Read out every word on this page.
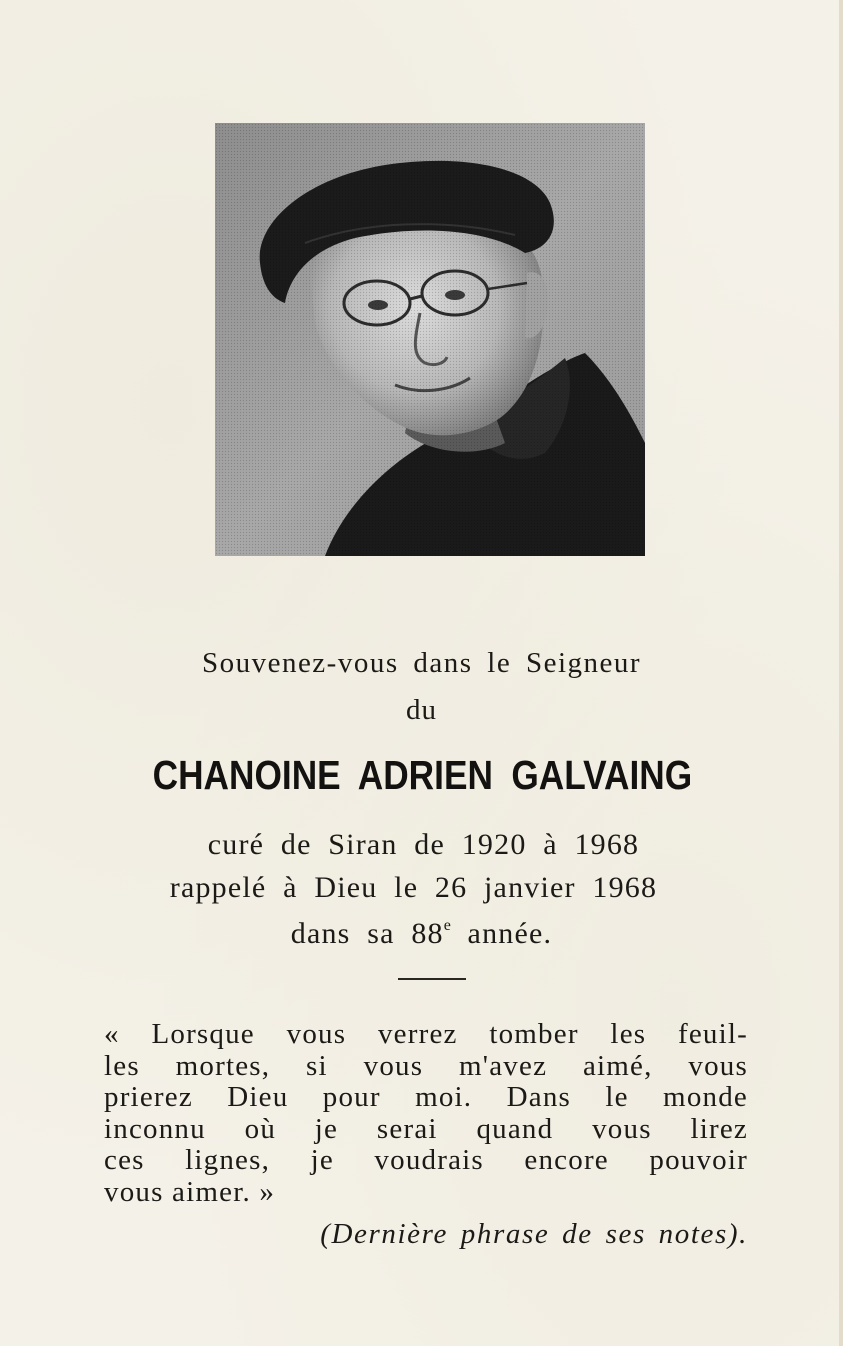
Souvenez-vous dans le Seigneur
du
CHANOINE ADRIEN GALVAING
curé de Siran de 1920 à 1968
rappelé à Dieu le 26 janvier 1968
dans sa 88e année.
« Lorsque vous verrez tomber les feuil-
les mortes, si vous m'avez aimé, vous
prierez Dieu pour moi. Dans le monde
inconnu où je serai quand vous lirez
ces lignes, je voudrais encore pouvoir
vous aimer. »
(Dernière phrase de ses notes).
